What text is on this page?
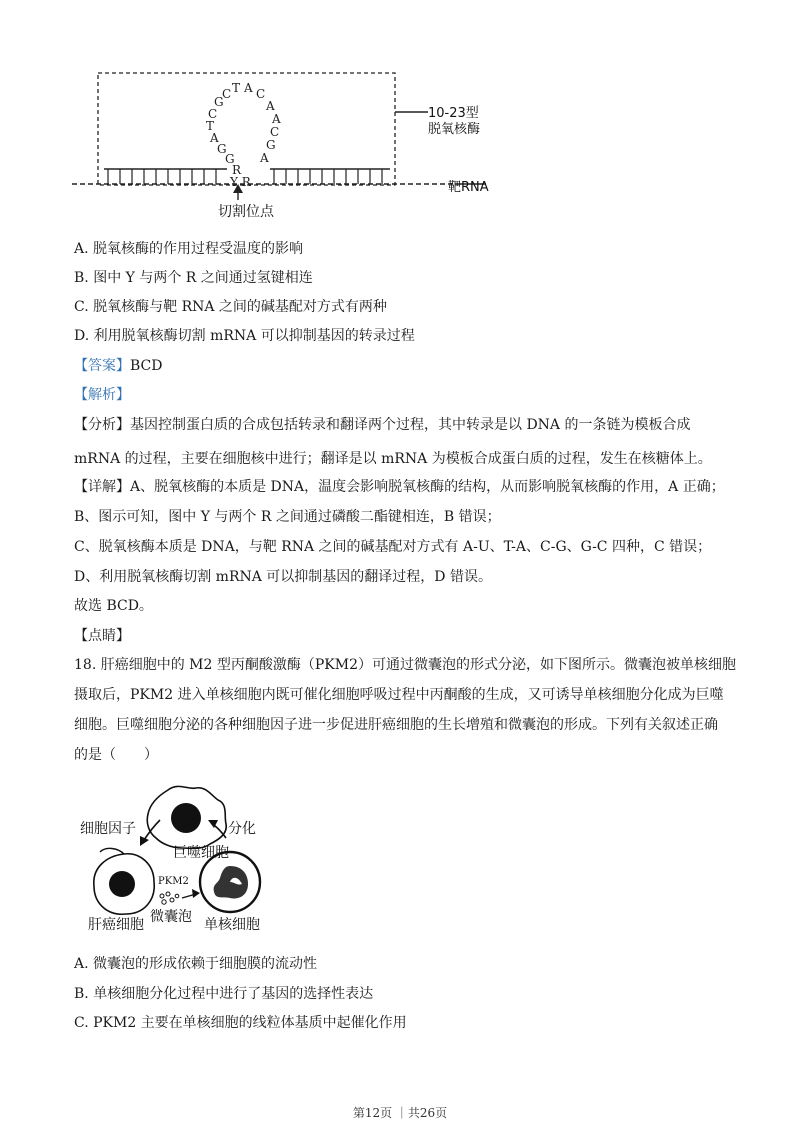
C T A C
A
A
C
G
A
G
C
T
A
G
G
R
Y R
10-23型
脱氧核酶
靶RNA
切割位点
A. 脱氧核酶的作用过程受温度的影响
B. 图中 Y 与两个 R 之间通过氢键相连
C. 脱氧核酶与靶 RNA 之间的碱基配对方式有两种
D. 利用脱氧核酶切割 mRNA 可以抑制基因的转录过程
【答案】BCD
【解析】
【分析】基因控制蛋白质的合成包括转录和翻译两个过程，其中转录是以 DNA 的一条链为模板合成
mRNA 的过程，主要在细胞核中进行；翻译是以 mRNA 为模板合成蛋白质的过程，发生在核糖体上。
【详解】A、脱氧核酶的本质是 DNA，温度会影响脱氧核酶的结构，从而影响脱氧核酶的作用，A 正确；
B、图示可知，图中 Y 与两个 R 之间通过磷酸二酯键相连，B 错误；
C、脱氧核酶本质是 DNA，与靶 RNA 之间的碱基配对方式有 A-U、T-A、C-G、G-C 四种，C 错误；
D、利用脱氧核酶切割 mRNA 可以抑制基因的翻译过程，D 错误。
故选 BCD。
【点睛】
18. 肝癌细胞中的 M2 型丙酮酸激酶（PKM2）可通过微囊泡的形式分泌，如下图所示。微囊泡被单核细胞
摄取后，PKM2 进入单核细胞内既可催化细胞呼吸过程中丙酮酸的生成，又可诱导单核细胞分化成为巨噬
细胞。巨噬细胞分泌的各种细胞因子进一步促进肝癌细胞的生长增殖和微囊泡的形成。下列有关叙述正确
的是（　　）
细胞因子	分化
巨噬细胞
PKM2
微囊泡
肝癌细胞	单核细胞
A. 微囊泡的形成依赖于细胞膜的流动性
B. 单核细胞分化过程中进行了基因的选择性表达
C. PKM2 主要在单核细胞的线粒体基质中起催化作用
第12页 ｜共26页
